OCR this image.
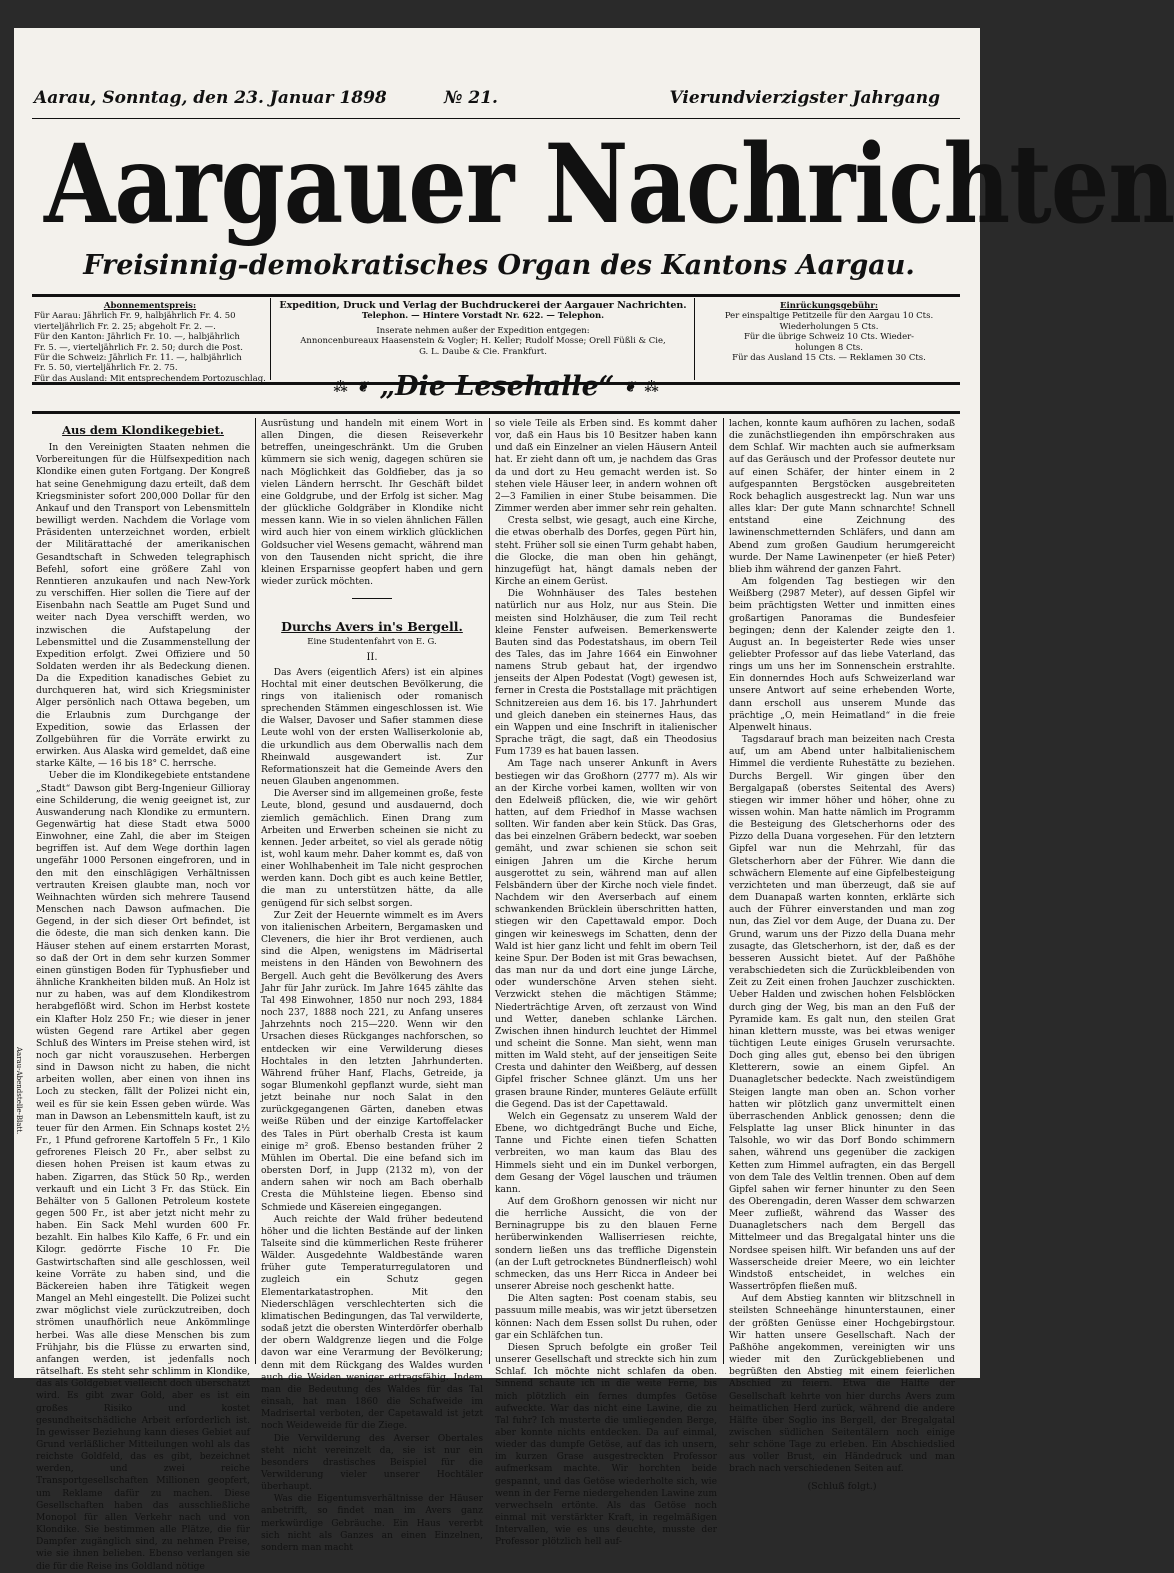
Aarau, Sonntag, den 23. Januar 1898	№ 21.	Vierundvierzigster Jahrgang
Aargauer Nachrichten
Freisinnig-demokratisches Organ des Kantons Aargau.

Abonnementspreis:

Für Aarau: Jährlich Fr. 9, halbjährlich Fr. 4. 50

vierteljährlich Fr. 2. 25; abgeholt Fr. 2. —.

Für den Kanton: Jährlich Fr. 10. —, halbjährlich

Fr. 5. —, vierteljährlich Fr. 2. 50; durch die Post.

Für die Schweiz: Jährlich Fr. 11. —, halbjährlich

Fr. 5. 50, vierteljährlich Fr. 2. 75.

Für das Ausland: Mit entsprechendem Portozuschlag.

Expedition, Druck und Verlag der Buchdruckerei der Aargauer Nachrichten.

Telephon. — Hintere Vorstadt Nr. 622. — Telephon.

Inserate nehmen außer der Expedition entgegen:

Annoncenbureaux Haasenstein & Vogler; H. Keller; Rudolf Mosse; Orell Füßli & Cie,

G. L. Daube & Cie. Frankfurt.

Einrückungsgebühr:

Per einspaltige Petitzeile für den Aargau 10 Cts.

Wiederholungen 5 Cts.

Für die übrige Schweiz 10 Cts. Wieder-

holungen 8 Cts.

Für das Ausland 15 Cts. — Reklamen 30 Cts.

⁂ ❦ „Die Lesehalle“ ❦ ⁂
Aus dem Klondikegebiet.

In den Vereinigten Staaten nehmen die Vorbereitungen für die Hülfsexpedition nach Klondike einen guten Fortgang. Der Kongreß hat seine Genehmigung dazu erteilt, daß dem Kriegsminister sofort 200,000 Dollar für den Ankauf und den Transport von Lebensmitteln bewilligt werden. Nachdem die Vorlage vom Präsidenten unterzeichnet worden, erbielt der Militärattaché der amerikanischen Gesandtschaft in Schweden telegraphisch Befehl, sofort eine größere Zahl von Renntieren anzukaufen und nach New-York zu verschiffen. Hier sollen die Tiere auf der Eisenbahn nach Seattle am Puget Sund und weiter nach Dyea verschifft werden, wo inzwischen die Aufstapelung der Lebensmittel und die Zusammenstellung der Expedition erfolgt. Zwei Offiziere und 50 Soldaten werden ihr als Bedeckung dienen. Da die Expedition kanadisches Gebiet zu durchqueren hat, wird sich Kriegsminister Alger persönlich nach Ottawa begeben, um die Erlaubnis zum Durchgange der Expedition, sowie das Erlassen der Zollgebühren für die Vorräte erwirkt zu erwirken. Aus Alaska wird gemeldet, daß eine starke Kälte, — 16 bis 18° C. herrsche.

Ueber die im Klondikegebiete entstandene „Stadt“ Dawson gibt Berg-Ingenieur Gillioray eine Schilderung, die wenig geeignet ist, zur Auswanderung nach Klondike zu ermuntern. Gegenwärtig hat diese Stadt etwa 5000 Einwohner, eine Zahl, die aber im Steigen begriffen ist. Auf dem Wege dorthin lagen ungefähr 1000 Personen eingefroren, und in den mit den einschlägigen Verhältnissen vertrauten Kreisen glaubte man, noch vor Weihnachten würden sich mehrere Tausend Menschen nach Dawson aufmachen. Die Gegend, in der sich dieser Ort befindet, ist die ödeste, die man sich denken kann. Die Häuser stehen auf einem erstarrten Morast, so daß der Ort in dem sehr kurzen Sommer einen günstigen Boden für Typhusfieber und ähnliche Krankheiten bilden muß. An Holz ist nur zu haben, was auf dem Klondikestrom herabgeflößt wird. Schon im Herbst kostete ein Klafter Holz 250 Fr.; wie dieser in jener wüsten Gegend rare Artikel aber gegen Schluß des Winters im Preise stehen wird, ist noch gar nicht vorauszusehen. Herbergen sind in Dawson nicht zu haben, die nicht arbeiten wollen, aber einen von ihnen ins Loch zu stecken, fällt der Polizei nicht ein, weil es für sie kein Essen geben würde. Was man in Dawson an Lebensmitteln kauft, ist zu teuer für den Armen. Ein Schnaps kostet 2½ Fr., 1 Pfund gefrorene Kartoffeln 5 Fr., 1 Kilo gefrorenes Fleisch 20 Fr., aber selbst zu diesen hohen Preisen ist kaum etwas zu haben. Zigarren, das Stück 50 Rp., werden verkauft und ein Licht 3 Fr. das Stück. Ein Behälter von 5 Gallonen Petroleum kostete gegen 500 Fr., ist aber jetzt nicht mehr zu haben. Ein Sack Mehl wurden 600 Fr. bezahlt. Ein halbes Kilo Kaffe, 6 Fr. und ein Kilogr. gedörrte Fische 10 Fr. Die Gastwirtschaften sind alle geschlossen, weil keine Vorräte zu haben sind, und die Bäckereien haben ihre Tätigkeit wegen Mangel an Mehl eingestellt. Die Polizei sucht zwar möglichst viele zurückzutreiben, doch strömen unaufhörlich neue Ankömmlinge herbei. Was alle diese Menschen bis zum Frühjahr, bis die Flüsse zu erwarten sind, anfangen werden, ist jedenfalls noch rätselhaft. Es steht sehr schlimm in Klondike, das als Goldgebiet vielleicht doch überschätzt wird. Es gibt zwar Gold, aber es ist ein großes Risiko und kostet gesundheitschädliche Arbeit erforderlich ist. In gewisser Beziehung kann dieses Gebiet auf Grund verläßlicher Mitteilungen wohl als das reichste Goldfeld, das es gibt, bezeichnet werden, und zwei reiche Transportgesellschaften Millionen geopfert, um Reklame dafür zu machen. Diese Gesellschaften haben das ausschließliche Monopol für allen Verkehr nach und von Klondike. Sie bestimmen alle Plätze, die für Dampfer zugänglich sind, zu nehmen Preise, wie sie ihnen belieben. Ebenso verlangen sie die für die Reise ins Goldland nötige

Ausrüstung und handeln mit einem Wort in allen Dingen, die diesen Reiseverkehr betreffen, uneingeschränkt. Um die Gruben kümmern sie sich wenig, dagegen schüren sie nach Möglichkeit das Goldfieber, das ja so vielen Ländern herrscht. Ihr Geschäft bildet eine Goldgrube, und der Erfolg ist sicher. Mag der glückliche Goldgräber in Klondike nicht messen kann. Wie in so vielen ähnlichen Fällen wird auch hier von einem wirklich glücklichen Goldsucher viel Wesens gemacht, während man von den Tausenden nicht spricht, die ihre kleinen Ersparnisse geopfert haben und gern wieder zurück möchten.

Durchs Avers in's Bergell.
Eine Studentenfahrt von E. G.
II.

Das Avers (eigentlich Afers) ist ein alpines Hochtal mit einer deutschen Bevölkerung, die rings von italienisch oder romanisch sprechenden Stämmen eingeschlossen ist. Wie die Walser, Davoser und Safier stammen diese Leute wohl von der ersten Walliserkolonie ab, die urkundlich aus dem Oberwallis nach dem Rheinwald ausgewandert ist. Zur Reformationszeit hat die Gemeinde Avers den neuen Glauben angenommen.

Die Averser sind im allgemeinen große, feste Leute, blond, gesund und ausdauernd, doch ziemlich gemächlich. Einen Drang zum Arbeiten und Erwerben scheinen sie nicht zu kennen. Jeder arbeitet, so viel als gerade nötig ist, wohl kaum mehr. Daher kommt es, daß von einer Wohlhabenheit im Tale nicht gesprochen werden kann. Doch gibt es auch keine Bettler, die man zu unterstützen hätte, da alle genügend für sich selbst sorgen.

Zur Zeit der Heuernte wimmelt es im Avers von italienischen Arbeitern, Bergamasken und Cleveners, die hier ihr Brot verdienen, auch sind die Alpen, wenigstens im Mädrisertal meistens in den Händen von Bewohnern des Bergell. Auch geht die Bevölkerung des Avers Jahr für Jahr zurück. Im Jahre 1645 zählte das Tal 498 Einwohner, 1850 nur noch 293, 1884 noch 237, 1888 noch 221, zu Anfang unseres Jahrzehnts noch 215—220. Wenn wir den Ursachen dieses Rückganges nachforschen, so entdecken wir eine Verwilderung dieses Hochtales in den letzten Jahrhunderten. Während früher Hanf, Flachs, Getreide, ja sogar Blumenkohl gepflanzt wurde, sieht man jetzt beinahe nur noch Salat in den zurückgegangenen Gärten, daneben etwas weiße Rüben und der einzige Kartoffelacker des Tales in Pürt oberhalb Cresta ist kaum einige m² groß. Ebenso bestanden früher 2 Mühlen im Obertal. Die eine befand sich im obersten Dorf, in Jupp (2132 m), von der andern sahen wir noch am Bach oberhalb Cresta die Mühlsteine liegen. Ebenso sind Schmiede und Käsereien eingegangen.

Auch reichte der Wald früher bedeutend höher und die lichten Bestände auf der linken Talseite sind die kümmerlichen Reste früherer Wälder. Ausgedehnte Waldbestände waren früher gute Temperaturregulatoren und zugleich ein Schutz gegen Elementarkatastrophen. Mit den Niederschlägen verschlechterten sich die klimatischen Bedingungen, das Tal verwilderte, sodaß jetzt die obersten Winterdörfer oberhalb der obern Waldgrenze liegen und die Folge davon war eine Verarmung der Bevölkerung; denn mit dem Rückgang des Waldes wurden auch die Weiden weniger ertragsfähig. Indem man die Bedeutung des Waldes für das Tal einsah, hat man 1860 die Schafweide im Madrisertal verboten, der Capetawald ist jetzt noch Weideweide für die Ziege.

Die Verwilderung des Averser Obertales steht nicht vereinzelt da, sie ist nur ein besonders drastisches Beispiel für die Verwilderung vieler unserer Hochtäler überhaupt.

Was die Eigentumsverhältnisse der Häuser anbetrifft, so findet man im Avers ganz merkwürdige Gebräuche. Ein Haus vererbt sich nicht als Ganzes an einen Einzelnen, sondern man macht

so viele Teile als Erben sind. Es kommt daher vor, daß ein Haus bis 10 Besitzer haben kann und daß ein Einzelner an vielen Häusern Anteil hat. Er zieht dann oft um, je nachdem das Gras da und dort zu Heu gemacht werden ist. So stehen viele Häuser leer, in andern wohnen oft 2—3 Familien in einer Stube beisammen. Die Zimmer werden aber immer sehr rein gehalten.

Cresta selbst, wie gesagt, auch eine Kirche, die etwas oberhalb des Dorfes, gegen Pürt hin, steht. Früher soll sie einen Turm gehabt haben, die Glocke, die man oben hin gehängt, hinzugefügt hat, hängt damals neben der Kirche an einem Gerüst.

Die Wohnhäuser des Tales bestehen natürlich nur aus Holz, nur aus Stein. Die meisten sind Holzhäuser, die zum Teil recht kleine Fenster aufweisen. Bemerkenswerte Bauten sind das Podestatshaus, im obern Teil des Tales, das im Jahre 1664 ein Einwohner namens Strub gebaut hat, der irgendwo jenseits der Alpen Podestat (Vogt) gewesen ist, ferner in Cresta die Poststallage mit prächtigen Schnitzereien aus dem 16. bis 17. Jahrhundert und gleich daneben ein steinernes Haus, das ein Wappen und eine Inschrift in italienischer Sprache trägt, die sagt, daß ein Theodosius Fum 1739 es hat bauen lassen.

Am Tage nach unserer Ankunft in Avers bestiegen wir das Großhorn (2777 m). Als wir an der Kirche vorbei kamen, wollten wir von den Edelweiß pflücken, die, wie wir gehört hatten, auf dem Friedhof in Masse wachsen sollten. Wir fanden aber kein Stück. Das Gras, das bei einzelnen Gräbern bedeckt, war soeben gemäht, und zwar schienen sie schon seit einigen Jahren um die Kirche herum ausgerottet zu sein, während man auf allen Felsbändern über der Kirche noch viele findet. Nachdem wir den Averserbach auf einem schwankenden Brücklein überschritten hatten, stiegen wir den Capettawald empor. Doch gingen wir keineswegs im Schatten, denn der Wald ist hier ganz licht und fehlt im obern Teil keine Spur. Der Boden ist mit Gras bewachsen, das man nur da und dort eine junge Lärche, oder wunderschöne Arven stehen sieht. Verzwickt stehen die mächtigen Stämme; Niederträchtige Arven, oft zerzaust von Wind und Wetter, daneben schlanke Lärchen. Zwischen ihnen hindurch leuchtet der Himmel und scheint die Sonne. Man sieht, wenn man mitten im Wald steht, auf der jenseitigen Seite Cresta und dahinter den Weißberg, auf dessen Gipfel frischer Schnee glänzt. Um uns her grasen braune Rinder, munteres Geläute erfüllt die Gegend. Das ist der Capettawald.

Welch ein Gegensatz zu unserem Wald der Ebene, wo dichtgedrängt Buche und Eiche, Tanne und Fichte einen tiefen Schatten verbreiten, wo man kaum das Blau des Himmels sieht und ein im Dunkel verborgen, dem Gesang der Vögel lauschen und träumen kann.

Auf dem Großhorn genossen wir nicht nur die herrliche Aussicht, die von der Berninagruppe bis zu den blauen Ferne herüberwinkenden Walliserriesen reichte, sondern ließen uns das treffliche Digenstein (an der Luft getrocknetes Bündnerfleisch) wohl schmecken, das uns Herr Ricca in Andeer bei unserer Abreise noch geschenkt hatte.

Die Alten sagten: Post coenam stabis, seu passuum mille meabis, was wir jetzt übersetzen können: Nach dem Essen sollst Du ruhen, oder gar ein Schläfchen tun.

Diesen Spruch befolgte ein großer Teil unserer Gesellschaft und streckte sich hin zum Schlaf. Ich möchte nicht schlafen da oben. Sinnend schaute ich in die weite Ferne, bis mich plötzlich ein fernes dumpfes Getöse aufweckte. War das nicht eine Lawine, die zu Tal fuhr? Ich musterte die umliegenden Berge, aber konnte nichts entdecken. Da auf einmal, wieder das dumpfe Getöse, auf das ich unsern, im kurzen Grase ausgestreckten Professor aufmerksam machte. Wir horchten beide gespannt, und das Getöse wiederholte sich, wie wenn in der Ferne niedergehenden Lawine zum verwechseln ertönte. Als das Getöse noch einmal mit verstärkter Kraft, in regelmäßigen Intervallen, wie es uns deuchte, musste der Professor plötzlich hell auf-

lachen, konnte kaum aufhören zu lachen, sodaß die zunächstliegenden ihn empörschraken aus dem Schlaf. Wir machten auch sie aufmerksam auf das Geräusch und der Professor deutete nur auf einen Schäfer, der hinter einem in 2 aufgespannten Bergstöcken ausgebreiteten Rock behaglich ausgestreckt lag. Nun war uns alles klar: Der gute Mann schnarchte! Schnell entstand eine Zeichnung des lawinenschmetternden Schläfers, und dann am Abend zum großen Gaudium herumgereicht wurde. Der Name Lawinenpeter (er hieß Peter) blieb ihm während der ganzen Fahrt.

Am folgenden Tag bestiegen wir den Weißberg (2987 Meter), auf dessen Gipfel wir beim prächtigsten Wetter und inmitten eines großartigen Panoramas die Bundesfeier begingen; denn der Kalender zeigte den 1. August an. In begeisterter Rede wies unser geliebter Professor auf das liebe Vaterland, das rings um uns her im Sonnenschein erstrahlte. Ein donnerndes Hoch aufs Schweizerland war unsere Antwort auf seine erhebenden Worte, dann erscholl aus unserem Munde das prächtige „O, mein Heimatland“ in die freie Alpenwelt hinaus.

Tagsdarauf brach man beizeiten nach Cresta auf, um am Abend unter halbitalienischem Himmel die verdiente Ruhestätte zu beziehen. Durchs Bergell. Wir gingen über den Bergalgapaß (oberstes Seitental des Avers) stiegen wir immer höher und höher, ohne zu wissen wohin. Man hatte nämlich im Programm die Besteigung des Gletscherhorns oder des Pizzo della Duana vorgesehen. Für den letztern Gipfel war nun die Mehrzahl, für das Gletscherhorn aber der Führer. Wie dann die schwächern Elemente auf eine Gipfelbesteigung verzichteten und man überzeugt, daß sie auf dem Duanapaß warten konnten, erklärte sich auch der Führer einverstanden und man zog nun, das Ziel vor dem Auge, der Duana zu. Der Grund, warum uns der Pizzo della Duana mehr zusagte, das Gletscherhorn, ist der, daß es der besseren Aussicht bietet. Auf der Paßhöhe verabschiedeten sich die Zurückbleibenden von Zeit zu Zeit einen frohen Jauchzer zuschickten. Ueber Halden und zwischen hohen Felsblöcken durch ging der Weg, bis man an den Fuß der Pyramide kam. Es galt nun, den steilen Grat hinan klettern musste, was bei etwas weniger tüchtigen Leute einiges Gruseln verursachte. Doch ging alles gut, ebenso bei den übrigen Kletterern, sowie an einem Gipfel. An Duanagletscher bedeckte. Nach zweistündigem Steigen langte man oben an. Schon vorher hatten wir plötzlich ganz unvermittelt einen überraschenden Anblick genossen; denn die Felsplatte lag unser Blick hinunter in das Talsohle, wo wir das Dorf Bondo schimmern sahen, während uns gegenüber die zackigen Ketten zum Himmel aufragten, ein das Bergell von dem Tale des Veltlin trennen. Oben auf dem Gipfel sahen wir ferner hinunter zu den Seen des Oberengadin, deren Wasser dem schwarzen Meer zufließt, während das Wasser des Duanagletschers nach dem Bergell das Mittelmeer und das Bregalgatal hinter uns die Nordsee speisen hilft. Wir befanden uns auf der Wasserscheide dreier Meere, wo ein leichter Windstoß entscheidet, in welches ein Wassertröpfen fließen muß.

Auf dem Abstieg kannten wir blitzschnell in steilsten Schneehänge hinunterstaunen, einer der größten Genüsse einer Hochgebirgstour. Wir hatten unsere Gesellschaft. Nach der Paßhöhe angekommen, vereinigten wir uns wieder mit den Zurückgebliebenen und begrüßten den Abstieg mit einem feierlichen Abschied zu feiern. Etwa die Hälfte der Gesellschaft kehrte von hier durchs Avers zum heimatlichen Herd zurück, während die andere Hälfte über Soglio ins Bergell, der Bregalgatal zwischen südlichen Seitentälern noch einige sehr schöne Tage zu erleben. Ein Abschiedslied aus voller Brust, ein Händedruck und man brach nach verschiedenen Seiten auf.

(Schluß folgt.)
Aarau-Abendstelle-Blatt.
